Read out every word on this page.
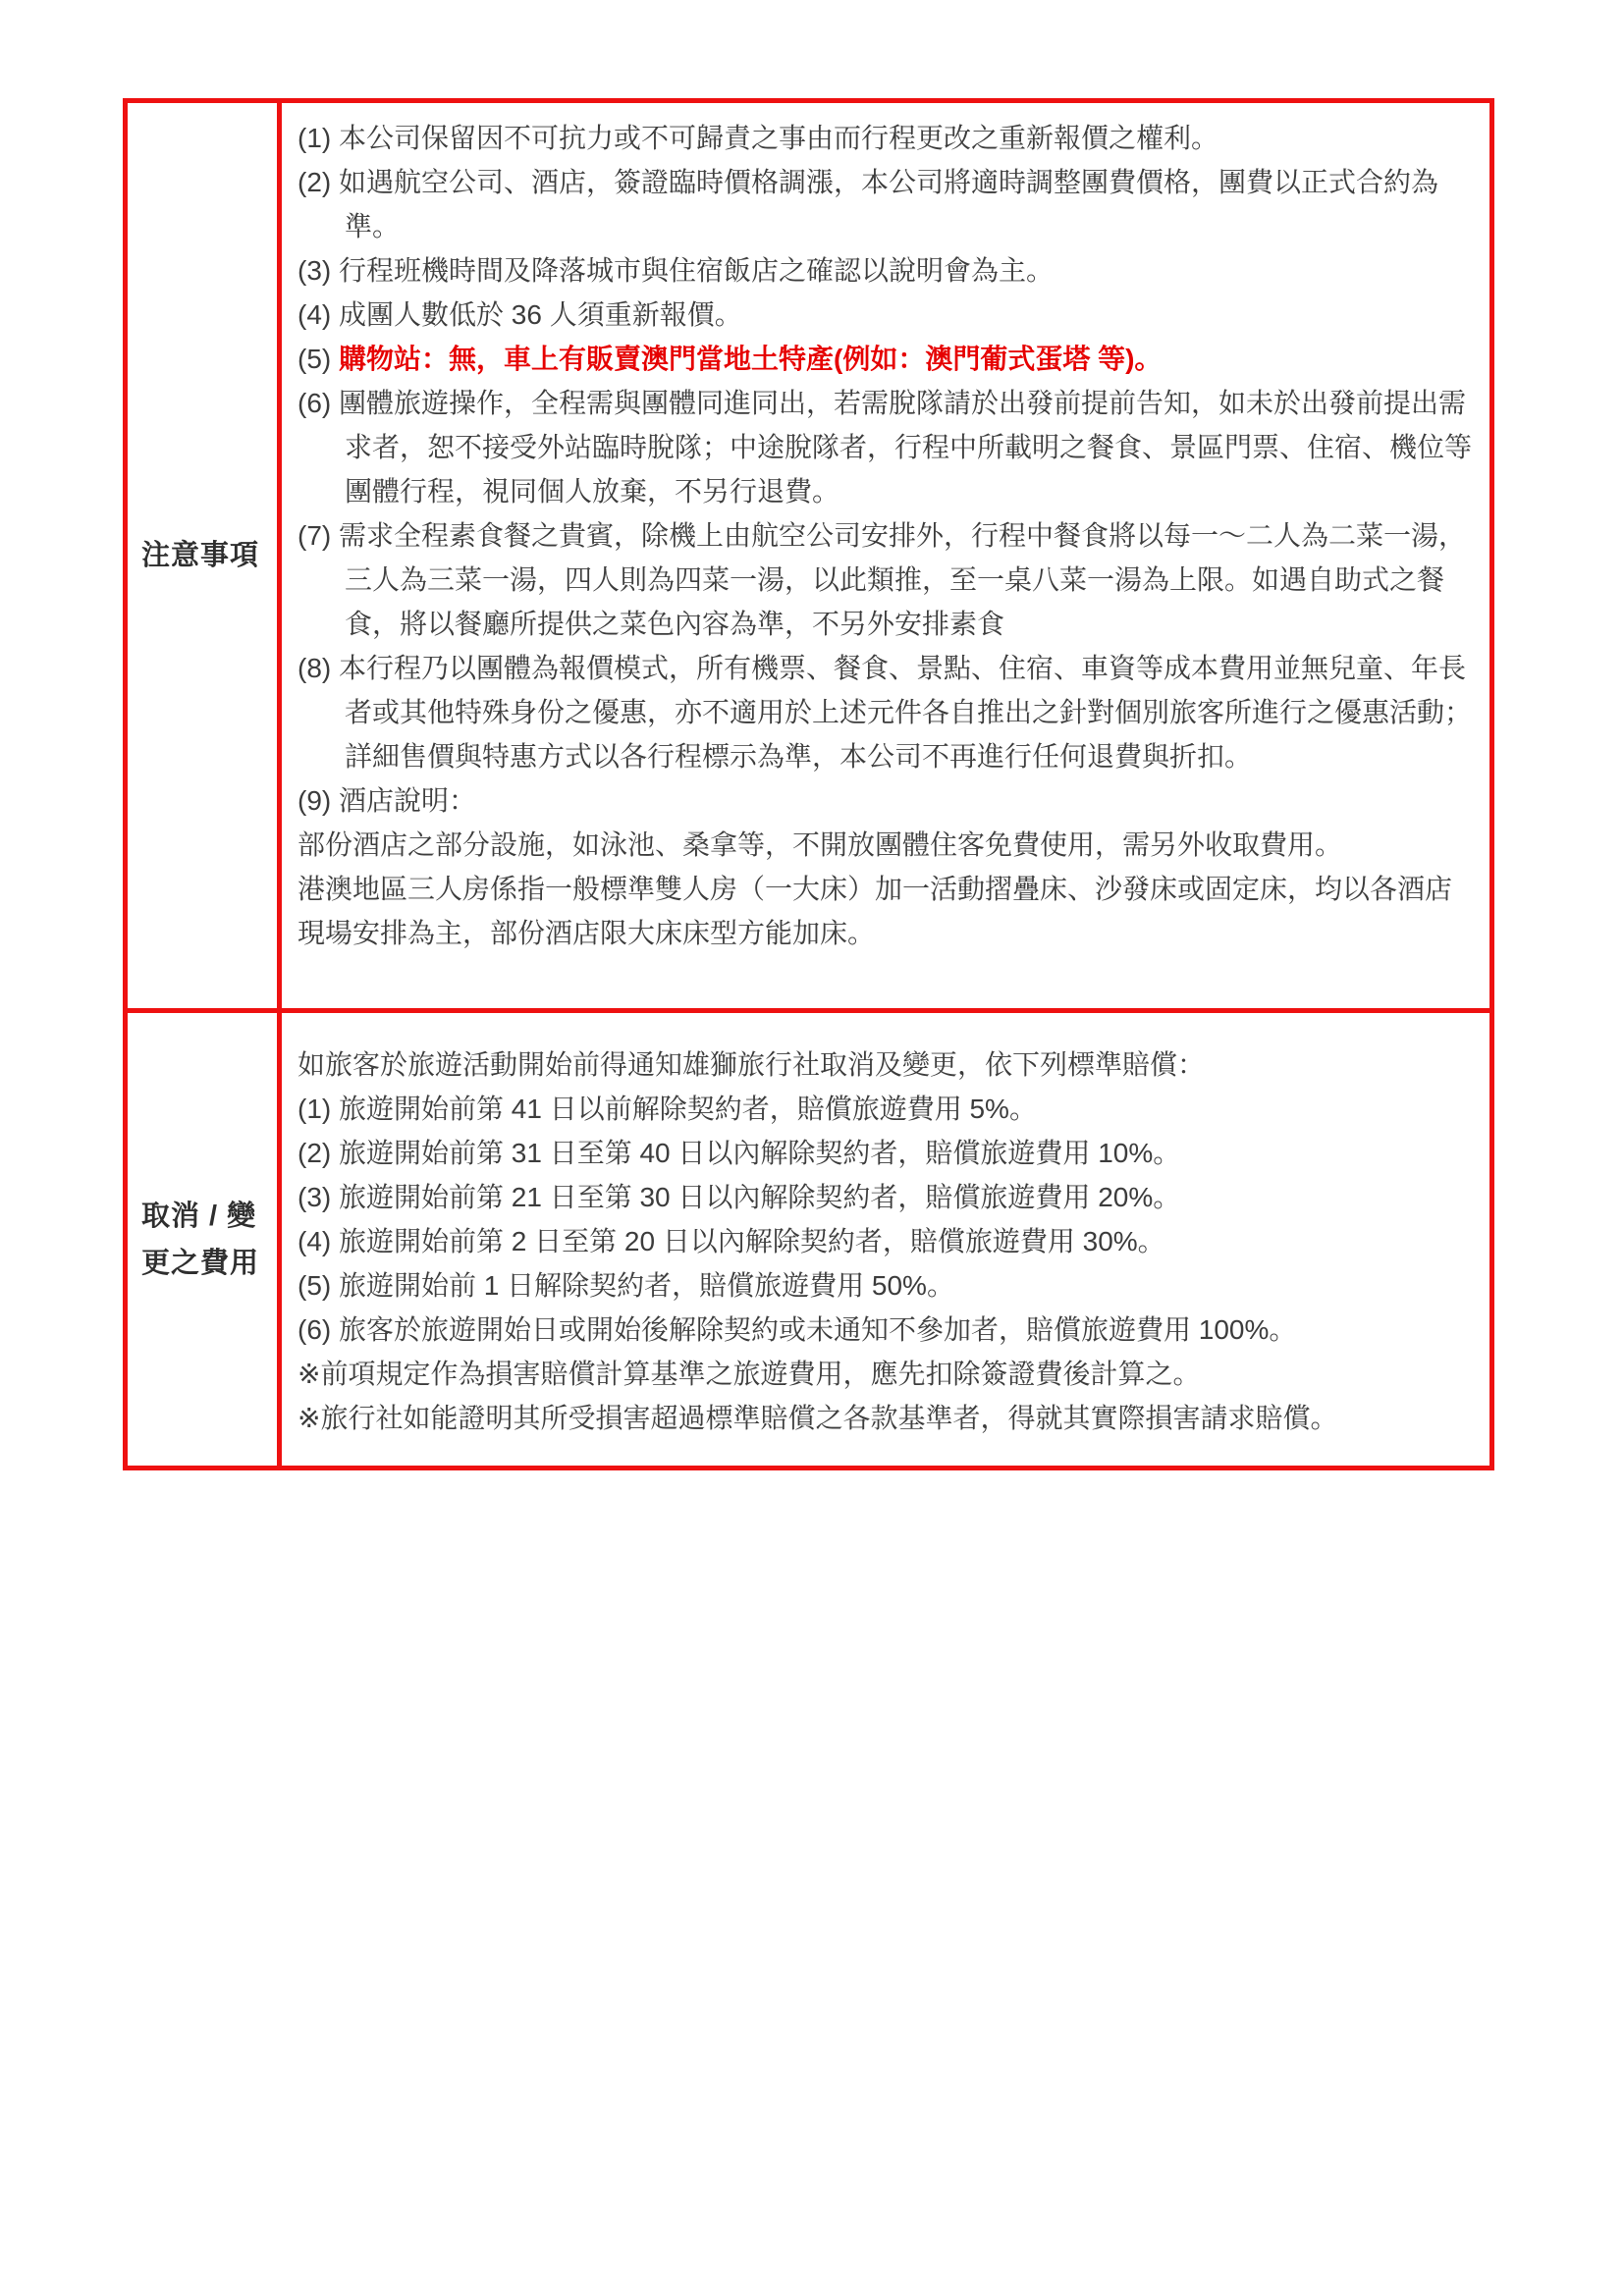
注意事項
(1) 本公司保留因不可抗力或不可歸責之事由而行程更改之重新報價之權利。
(2) 如遇航空公司、酒店，簽證臨時價格調漲，本公司將適時調整團費價格，團費以正式合約為準。
(3) 行程班機時間及降落城市與住宿飯店之確認以說明會為主。
(4) 成團人數低於 36 人須重新報價。
(5) 購物站：無，車上有販賣澳門當地土特產(例如：澳門葡式蛋塔 等)。
(6) 團體旅遊操作，全程需與團體同進同出，若需脫隊請於出發前提前告知，如未於出發前提出需求者，恕不接受外站臨時脫隊；中途脫隊者，行程中所載明之餐食、景區門票、住宿、機位等團體行程，視同個人放棄，不另行退費。
(7) 需求全程素食餐之貴賓，除機上由航空公司安排外，行程中餐食將以每一～二人為二菜一湯，三人為三菜一湯，四人則為四菜一湯，以此類推，至一桌八菜一湯為上限。如遇自助式之餐食，將以餐廳所提供之菜色內容為準，不另外安排素食
(8) 本行程乃以團體為報價模式，所有機票、餐食、景點、住宿、車資等成本費用並無兒童、年長者或其他特殊身份之優惠，亦不適用於上述元件各自推出之針對個別旅客所進行之優惠活動；詳細售價與特惠方式以各行程標示為準，本公司不再進行任何退費與折扣。
(9) 酒店說明：
部份酒店之部分設施，如泳池、桑拿等，不開放團體住客免費使用，需另外收取費用。
港澳地區三人房係指一般標準雙人房（一大床）加一活動摺疊床、沙發床或固定床，均以各酒店現場安排為主，部份酒店限大床床型方能加床。
取消 / 變更之費用
如旅客於旅遊活動開始前得通知雄獅旅行社取消及變更，依下列標準賠償：
(1) 旅遊開始前第 41 日以前解除契約者，賠償旅遊費用 5%。
(2) 旅遊開始前第 31 日至第 40 日以內解除契約者，賠償旅遊費用 10%。
(3) 旅遊開始前第 21 日至第 30 日以內解除契約者，賠償旅遊費用 20%。
(4) 旅遊開始前第 2 日至第 20 日以內解除契約者，賠償旅遊費用 30%。
(5) 旅遊開始前 1 日解除契約者，賠償旅遊費用 50%。
(6) 旅客於旅遊開始日或開始後解除契約或未通知不參加者，賠償旅遊費用 100%。
※前項規定作為損害賠償計算基準之旅遊費用，應先扣除簽證費後計算之。
※旅行社如能證明其所受損害超過標準賠償之各款基準者，得就其實際損害請求賠償。
